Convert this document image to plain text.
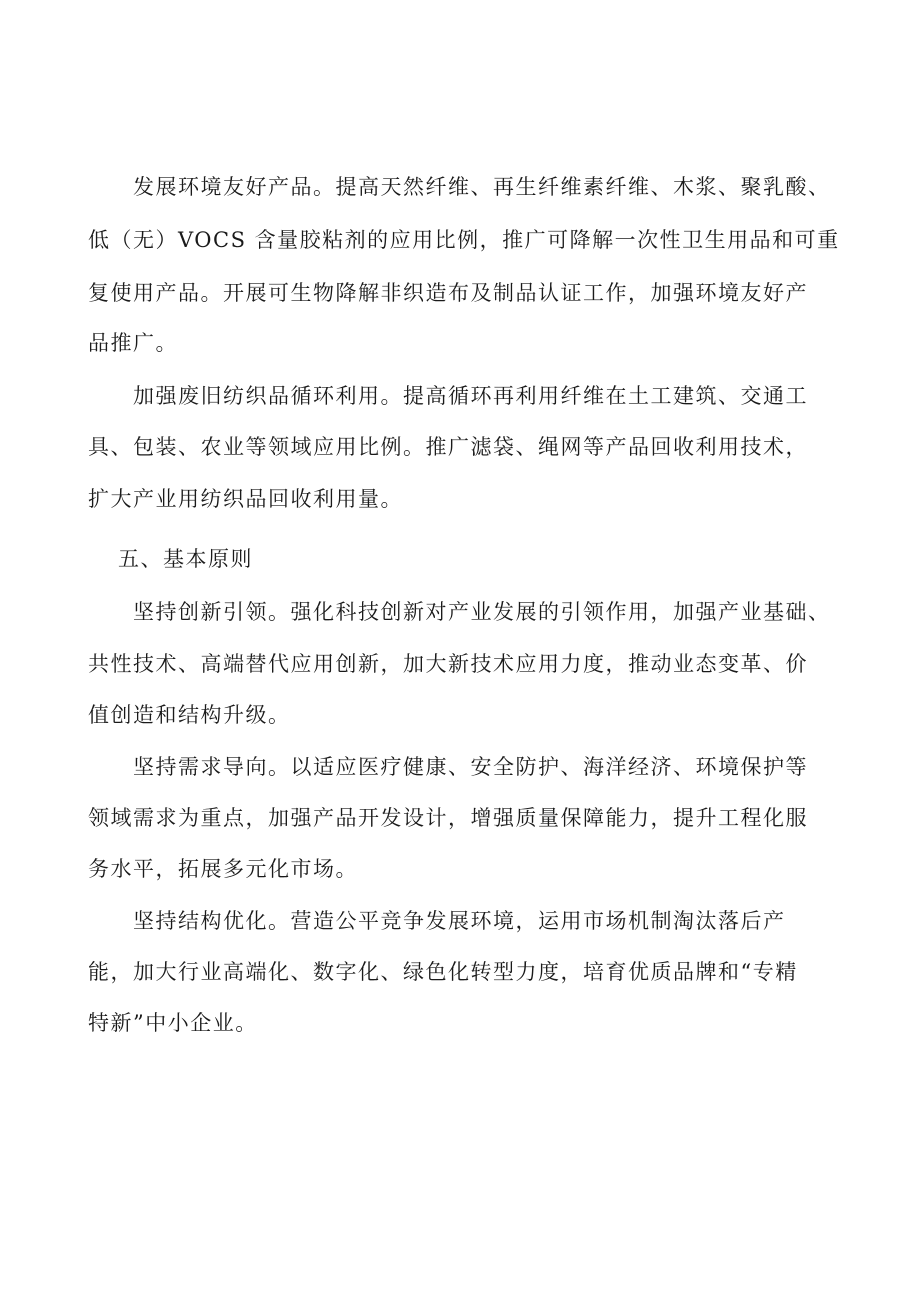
发展环境友好产品。提高天然纤维、再生纤维素纤维、木浆、聚乳酸、
低（无）VOCS 含量胶粘剂的应用比例，推广可降解一次性卫生用品和可重
复使用产品。开展可生物降解非织造布及制品认证工作，加强环境友好产
品推广。
加强废旧纺织品循环利用。提高循环再利用纤维在土工建筑、交通工
具、包装、农业等领域应用比例。推广滤袋、绳网等产品回收利用技术，
扩大产业用纺织品回收利用量。
五、基本原则
坚持创新引领。强化科技创新对产业发展的引领作用，加强产业基础、
共性技术、高端替代应用创新，加大新技术应用力度，推动业态变革、价
值创造和结构升级。
坚持需求导向。以适应医疗健康、安全防护、海洋经济、环境保护等
领域需求为重点，加强产品开发设计，增强质量保障能力，提升工程化服
务水平，拓展多元化市场。
坚持结构优化。营造公平竞争发展环境，运用市场机制淘汰落后产
能，加大行业高端化、数字化、绿色化转型力度，培育优质品牌和“专精
特新”中小企业。
